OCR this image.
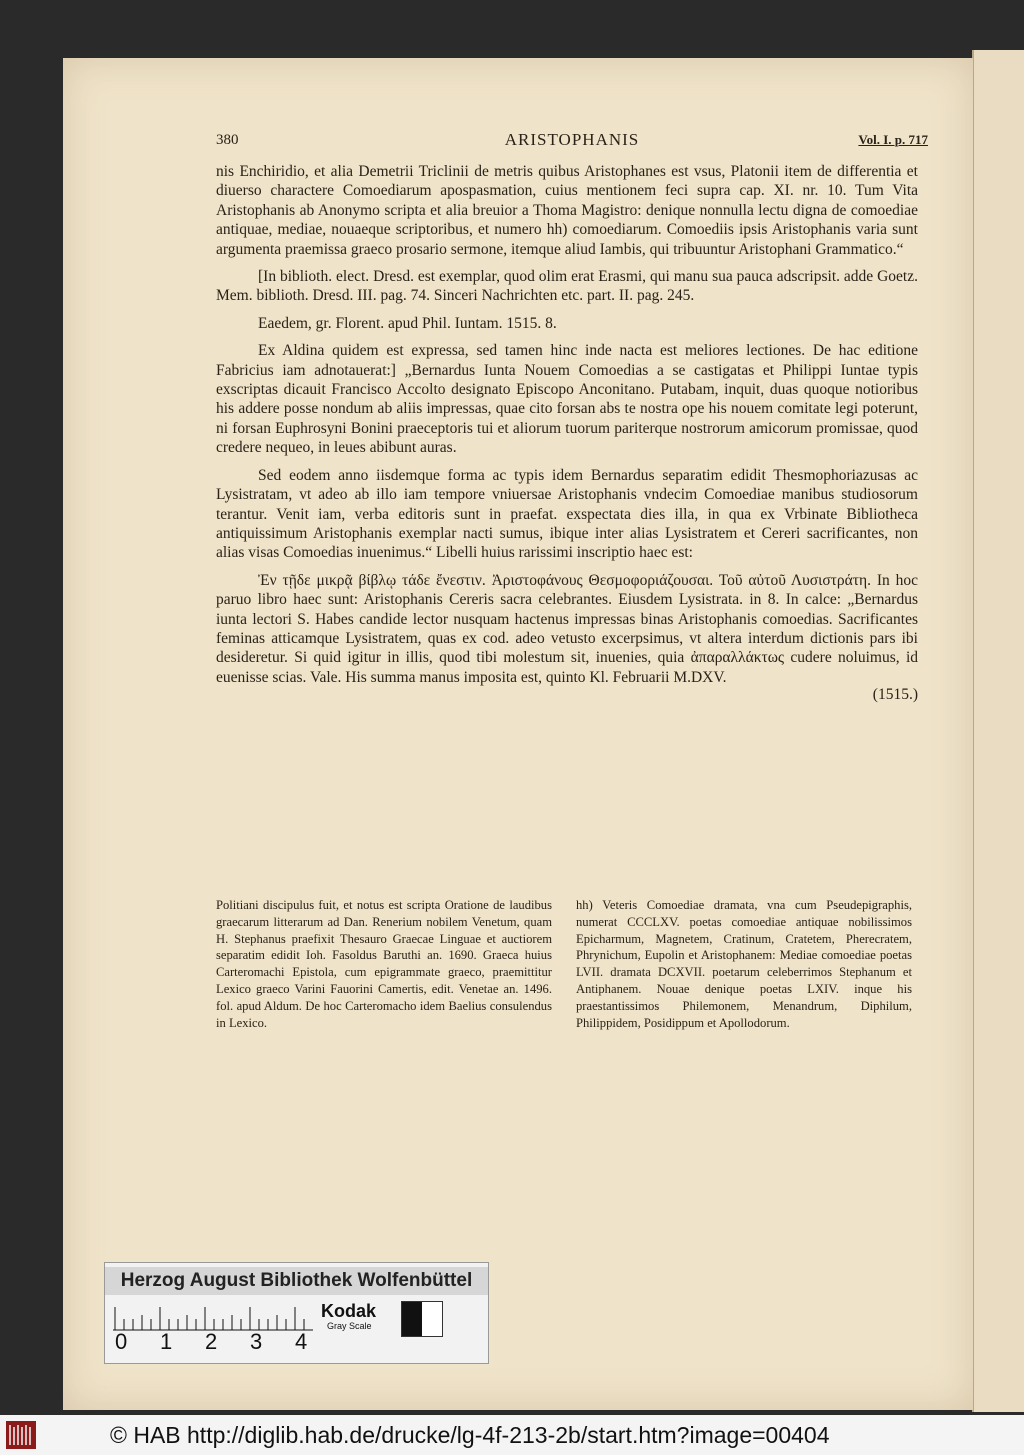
380	ARISTOPHANIS	Vol. I. p. 717

nis Enchiridio, et alia Demetrii Triclinii de metris quibus Aristophanes est vsus, Platonii item de differentia et diuerso charactere Comoediarum apospasmation, cuius mentionem feci supra cap. XI. nr. 10. Tum Vita Aristophanis ab Anonymo scripta et alia breuior a Thoma Magistro: denique nonnulla lectu digna de comoediae antiquae, mediae, nouaeque scriptoribus, et numero hh) comoediarum. Comoediis ipsis Aristophanis varia sunt argumenta praemissa graeco prosario sermone, itemque aliud Iambis, qui tribuuntur Aristophani Grammatico.“

[In biblioth. elect. Dresd. est exemplar, quod olim erat Erasmi, qui manu sua pauca adscripsit. adde Goetz. Mem. biblioth. Dresd. III. pag. 74. Sinceri Nachrichten etc. part. II. pag. 245.

Eaedem, gr. Florent. apud Phil. Iuntam. 1515. 8.

Ex Aldina quidem est expressa, sed tamen hinc inde nacta est meliores lectiones. De hac editione Fabricius iam adnotauerat:] „Bernardus Iunta Nouem Comoedias a se castigatas et Philippi Iuntae typis exscriptas dicauit Francisco Accolto designato Episcopo Anconitano. Putabam, inquit, duas quoque notioribus his addere posse nondum ab aliis impressas, quae cito forsan abs te nostra ope his nouem comitate legi poterunt, ni forsan Euphrosyni Bonini praeceptoris tui et aliorum tuorum pariterque nostrorum amicorum promissae, quod credere nequeo, in leues abibunt auras.

Sed eodem anno iisdemque forma ac typis idem Bernardus separatim edidit Thesmophoriazusas ac Lysistratam, vt adeo ab illo iam tempore vniuersae Aristophanis vndecim Comoediae manibus studiosorum terantur. Venit iam, verba editoris sunt in praefat. exspectata dies illa, in qua ex Vrbinate Bibliotheca antiquissimum Aristophanis exemplar nacti sumus, ibique inter alias Lysistratem et Cereri sacrificantes, non alias visas Comoedias inuenimus.“ Libelli huius rarissimi inscriptio haec est:

Ἐν τῇδε μικρᾷ βίβλῳ τάδε ἔνεστιν. Ἀριστοφάνους Θεσμοφοριάζουσαι. Τοῦ αὐτοῦ Λυσιστράτη. In hoc paruo libro haec sunt: Aristophanis Cereris sacra celebrantes. Eiusdem Lysistrata. in 8. In calce: „Bernardus iunta lectori S. Habes candide lector nusquam hactenus impressas binas Aristophanis comoedias. Sacrificantes feminas atticamque Lysistratem, quas ex cod. adeo vetusto excerpsimus, vt altera interdum dictionis pars ibi desideretur. Si quid igitur in illis, quod tibi molestum sit, inuenies, quia ἀπαραλλάκτως cudere noluimus, id euenisse scias. Vale. His summa manus imposita est, quinto Kl. Februarii M.DXV.

(1515.)
Politiani discipulus fuit, et notus est scripta Oratione de laudibus graecarum litterarum ad Dan. Renerium nobilem Venetum, quam H. Stephanus praefixit Thesauro Graecae Linguae et auctiorem separatim edidit Ioh. Fasoldus Baruthi an. 1690. Graeca huius Carteromachi Epistola, cum epigrammate graeco, praemittitur Lexico graeco Varini Fauorini Camertis, edit. Venetae an. 1496. fol. apud Aldum. De hoc Carteromacho idem Baelius consulendus in Lexico.
hh) Veteris Comoediae dramata, vna cum Pseudepigraphis, numerat CCCLXV. poetas comoediae antiquae nobilissimos Epicharmum, Magnetem, Cratinum, Cratetem, Pherecratem, Phrynichum, Eupolin et Aristophanem: Mediae comoediae poetas LVII. dramata DCXVII. poetarum celeberrimos Stephanum et Antiphanem. Nouae denique poetas LXIV. inque his praestantissimos Philemonem, Menandrum, Diphilum, Philippidem, Posidippum et Apollodorum.
Herzog August Bibliothek Wolfenbüttel
0 1 2 3 4
Kodak
Gray Scale
© HAB http://diglib.hab.de/drucke/lg-4f-213-2b/start.htm?image=00404
